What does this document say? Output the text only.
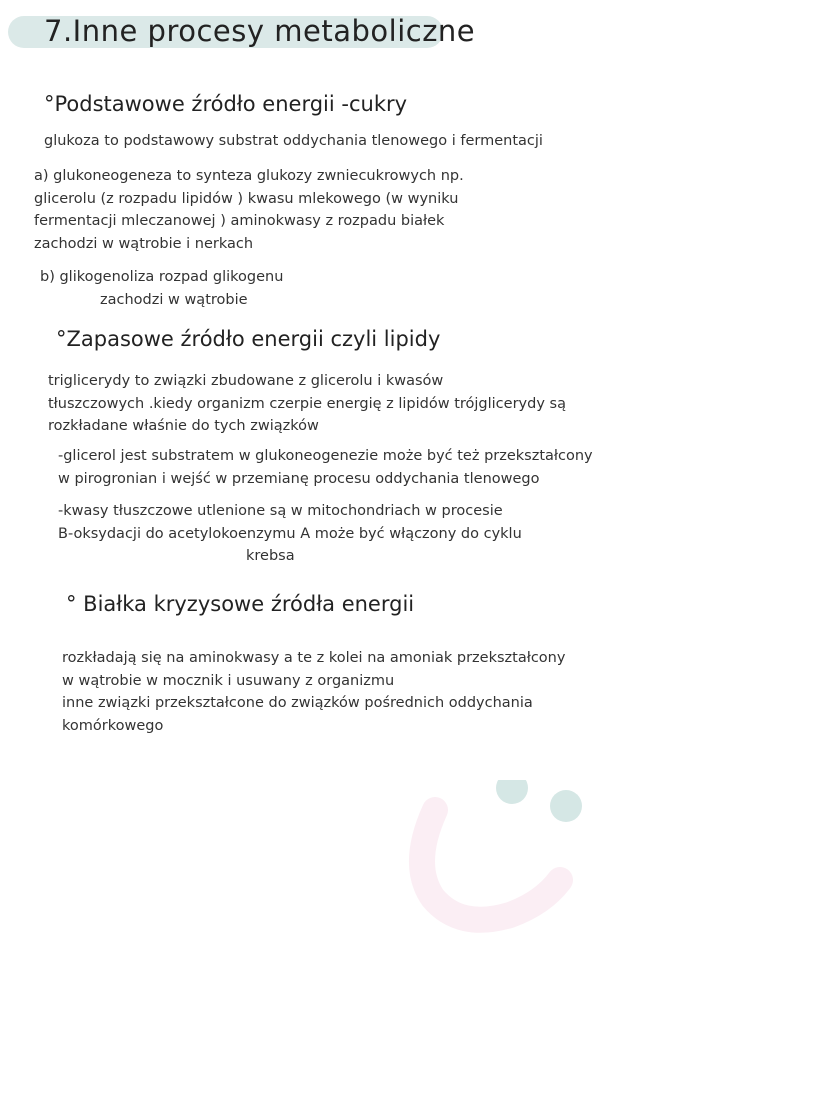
7.Inne procesy metaboliczne
°Podstawowe źródło energii -cukry

glukoza to podstawowy substrat oddychania tlenowego i fermentacji

a) glukoneogeneza to synteza glukozy zwniecukrowych np.
glicerolu (z rozpadu lipidów ) kwasu mlekowego (w wyniku
fermentacji mleczanowej ) aminokwasy z rozpadu białek
zachodzi w wątrobie i nerkach

b) glikogenoliza rozpad glikogenu
zachodzi w wątrobie

°Zapasowe źródło energii czyli lipidy

triglicerydy to związki zbudowane z glicerolu i kwasów
tłuszczowych .kiedy organizm czerpie energię z lipidów trójglicerydy są
rozkładane właśnie do tych związków

-glicerol jest substratem w glukoneogenezie może być też przekształcony
w pirogronian i wejść w przemianę procesu oddychania tlenowego

-kwasy tłuszczowe utlenione są w mitochondriach w procesie
B-oksydacji do acetylokoenzymu A może być włączony do cyklu
krebsa

° Białka kryzysowe źródła energii

rozkładają się na aminokwasy a te z kolei na amoniak przekształcony
w wątrobie w mocznik i usuwany z organizmu
inne związki przekształcone do związków pośrednich oddychania
komórkowego
